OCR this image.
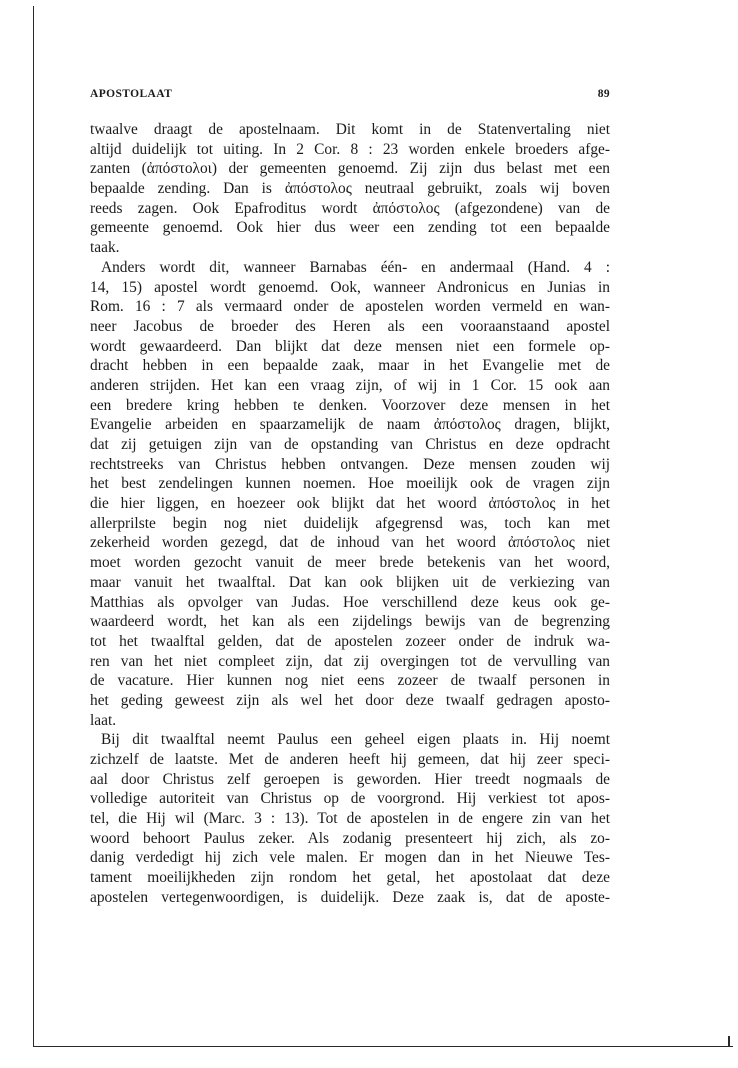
APOSTOLAAT	89
twaalve draagt de apostelnaam. Dit komt in de Statenvertaling niet
altijd duidelijk tot uiting. In 2 Cor. 8 : 23 worden enkele broeders afge-
zanten (ἀπόστολοι) der gemeenten genoemd. Zij zijn dus belast met een
bepaalde zending. Dan is ἀπόστολος neutraal gebruikt, zoals wij boven
reeds zagen. Ook Epafroditus wordt ἀπόστολος (afgezondene) van de
gemeente genoemd. Ook hier dus weer een zending tot een bepaalde
taak.
Anders wordt dit, wanneer Barnabas één- en andermaal (Hand. 4 :
14, 15) apostel wordt genoemd. Ook, wanneer Andronicus en Junias in
Rom. 16 : 7 als vermaard onder de apostelen worden vermeld en wan-
neer Jacobus de broeder des Heren als een vooraanstaand apostel
wordt gewaardeerd. Dan blijkt dat deze mensen niet een formele op-
dracht hebben in een bepaalde zaak, maar in het Evangelie met de
anderen strijden. Het kan een vraag zijn, of wij in 1 Cor. 15 ook aan
een bredere kring hebben te denken. Voorzover deze mensen in het
Evangelie arbeiden en spaarzamelijk de naam ἀπόστολος dragen, blijkt,
dat zij getuigen zijn van de opstanding van Christus en deze opdracht
rechtstreeks van Christus hebben ontvangen. Deze mensen zouden wij
het best zendelingen kunnen noemen. Hoe moeilijk ook de vragen zijn
die hier liggen, en hoezeer ook blijkt dat het woord ἀπόστολος in het
allerprilste begin nog niet duidelijk afgegrensd was, toch kan met
zekerheid worden gezegd, dat de inhoud van het woord ἀπόστολος niet
moet worden gezocht vanuit de meer brede betekenis van het woord,
maar vanuit het twaalftal. Dat kan ook blijken uit de verkiezing van
Matthias als opvolger van Judas. Hoe verschillend deze keus ook ge-
waardeerd wordt, het kan als een zijdelings bewijs van de begrenzing
tot het twaalftal gelden, dat de apostelen zozeer onder de indruk wa-
ren van het niet compleet zijn, dat zij overgingen tot de vervulling van
de vacature. Hier kunnen nog niet eens zozeer de twaalf personen in
het geding geweest zijn als wel het door deze twaalf gedragen aposto-
laat.
Bij dit twaalftal neemt Paulus een geheel eigen plaats in. Hij noemt
zichzelf de laatste. Met de anderen heeft hij gemeen, dat hij zeer speci-
aal door Christus zelf geroepen is geworden. Hier treedt nogmaals de
volledige autoriteit van Christus op de voorgrond. Hij verkiest tot apos-
tel, die Hij wil (Marc. 3 : 13). Tot de apostelen in de engere zin van het
woord behoort Paulus zeker. Als zodanig presenteert hij zich, als zo-
danig verdedigt hij zich vele malen. Er mogen dan in het Nieuwe Tes-
tament moeilijkheden zijn rondom het getal, het apostolaat dat deze
apostelen vertegenwoordigen, is duidelijk. Deze zaak is, dat de aposte-
